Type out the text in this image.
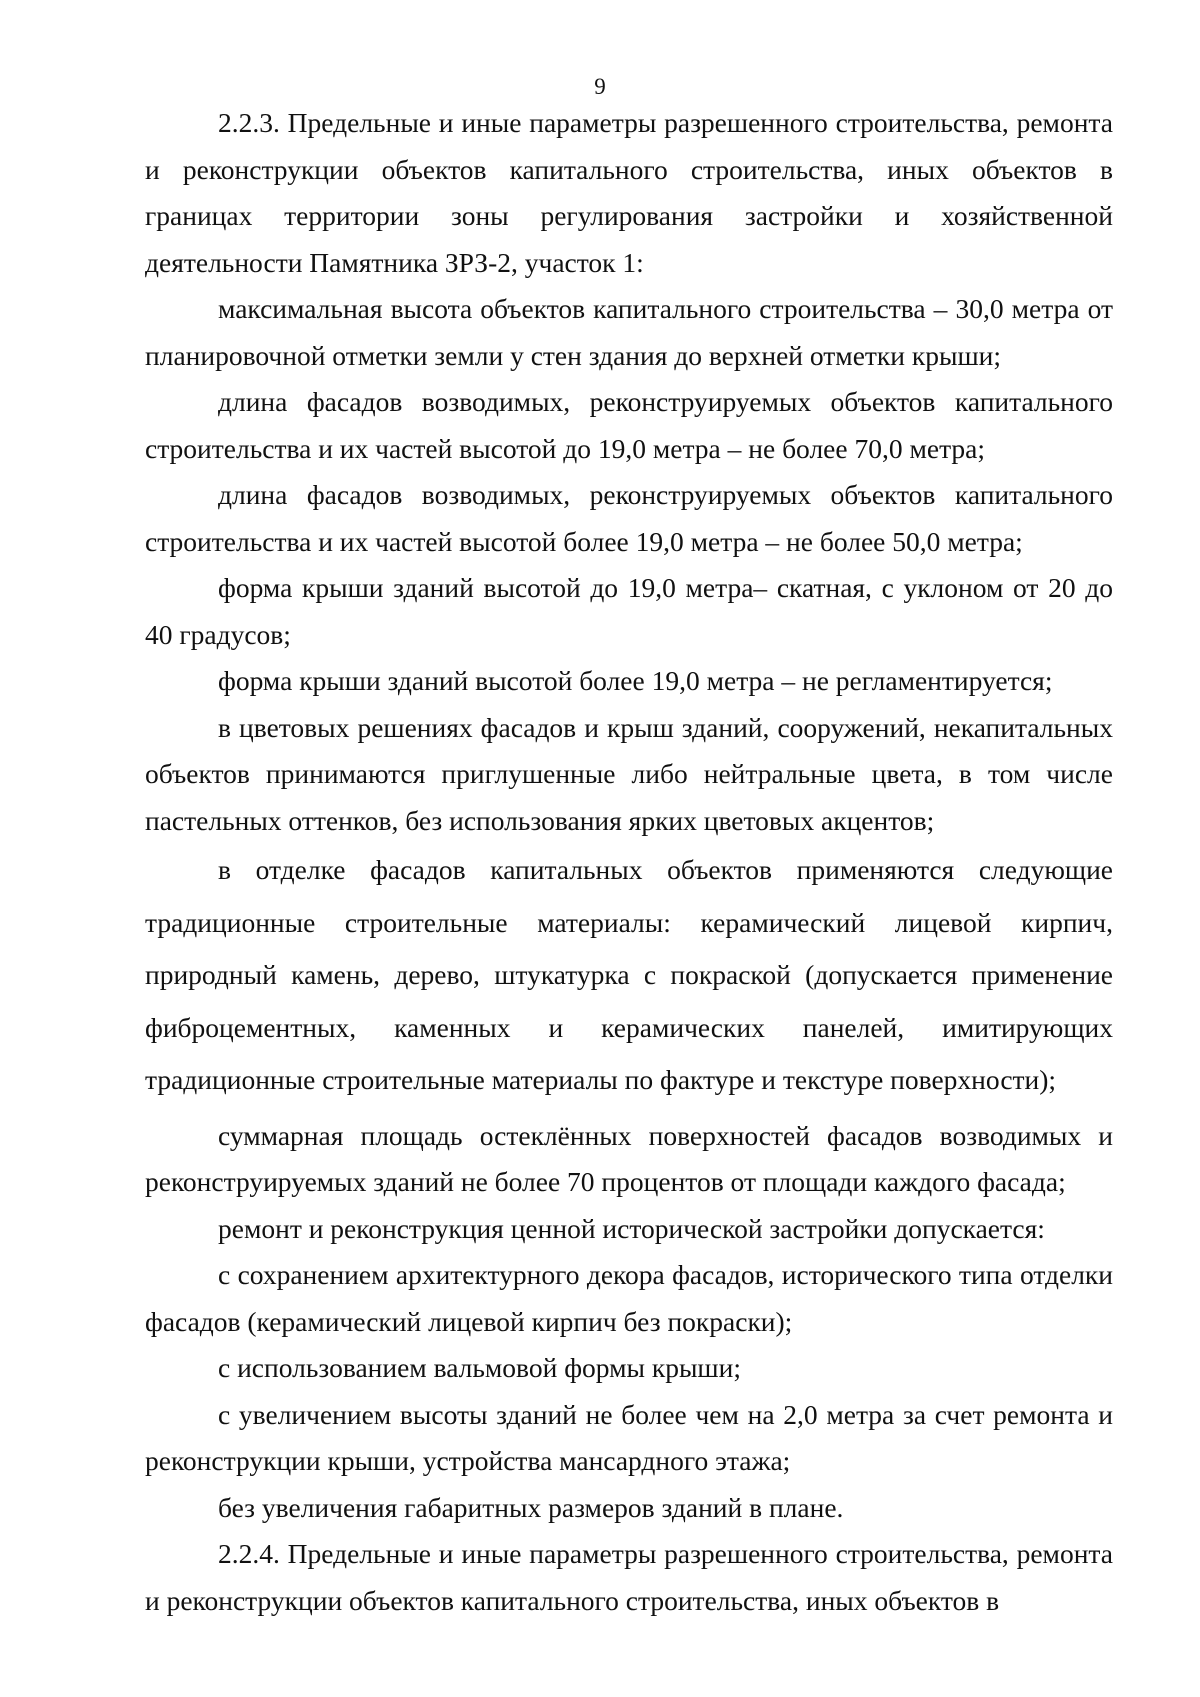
9

2.2.3. Предельные и иные параметры разрешенного строительства, ремонта и реконструкции объектов капитального строительства, иных объектов в границах территории зоны регулирования застройки и хозяйственной деятельности Памятника ЗРЗ-2, участок 1:

максимальная высота объектов капитального строительства – 30,0 метра от планировочной отметки земли у стен здания до верхней отметки крыши;

длина фасадов возводимых, реконструируемых объектов капитального строительства и их частей высотой до 19,0 метра – не более 70,0 метра;

длина фасадов возводимых, реконструируемых объектов капитального строительства и их частей высотой более 19,0 метра – не более 50,0 метра;

форма крыши зданий высотой до 19,0 метра– скатная, с уклоном от 20 до 40 градусов;

форма крыши зданий высотой более 19,0 метра – не регламентируется;

в цветовых решениях фасадов и крыш зданий, сооружений, некапитальных объектов принимаются приглушенные либо нейтральные цвета, в том числе пастельных оттенков, без использования ярких цветовых акцентов;

в отделке фасадов капитальных объектов применяются следующие традиционные строительные материалы: керамический лицевой кирпич, природный камень, дерево, штукатурка с покраской (допускается применение фиброцементных, каменных и керамических панелей, имитирующих традиционные строительные материалы по фактуре и текстуре поверхности);

суммарная площадь остеклённых поверхностей фасадов возводимых и реконструируемых зданий не более 70 процентов от площади каждого фасада;

ремонт и реконструкция ценной исторической застройки допускается:

с сохранением архитектурного декора фасадов, исторического типа отделки фасадов (керамический лицевой кирпич без покраски);

с использованием вальмовой формы крыши;

с увеличением высоты зданий не более чем на 2,0 метра за счет ремонта и реконструкции крыши, устройства мансардного этажа;

без увеличения габаритных размеров зданий в плане.

2.2.4. Предельные и иные параметры разрешенного строительства, ремонта и реконструкции объектов капитального строительства, иных объектов в
